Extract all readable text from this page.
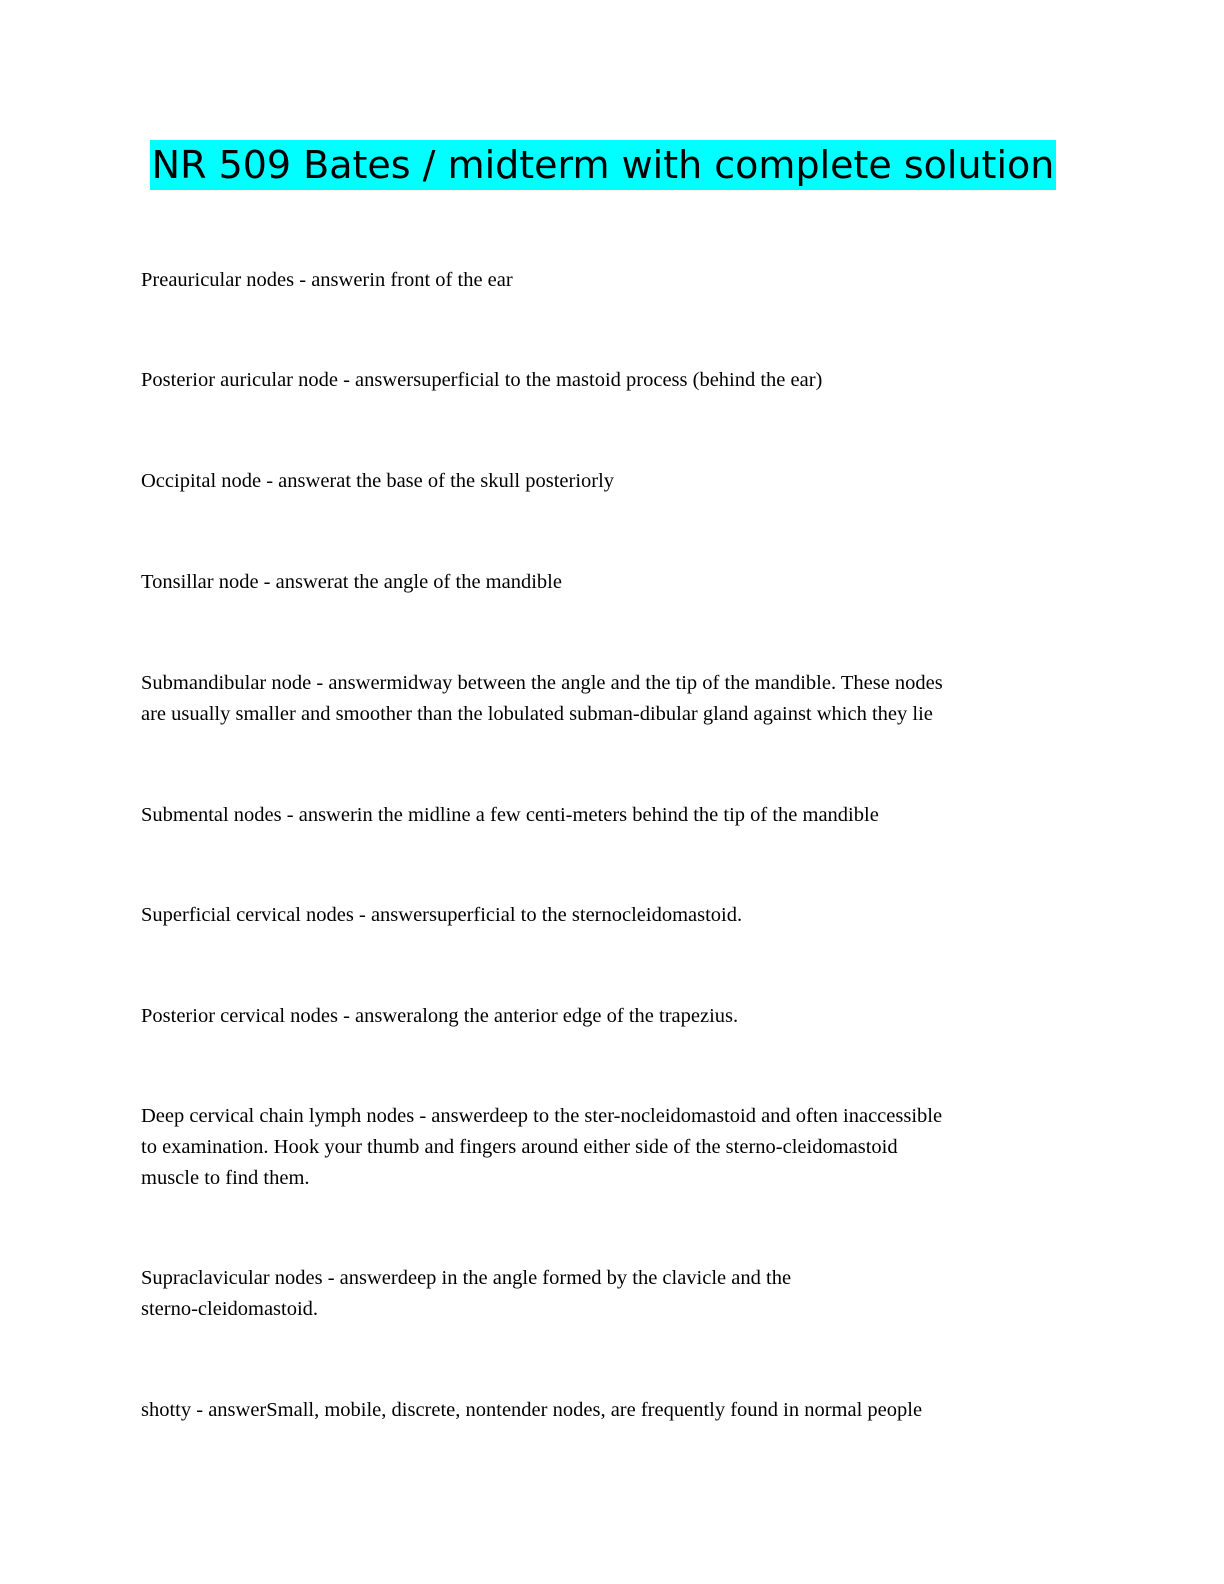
NR 509 Bates / midterm with complete solution
Preauricular nodes - answerin front of the ear
Posterior auricular node - answersuperficial to the mastoid process (behind the ear)
Occipital node - answerat the base of the skull posteriorly
Tonsillar node - answerat the angle of the mandible
Submandibular node - answermidway between the angle and the tip of the mandible. These nodes
are usually smaller and smoother than the lobulated subman-dibular gland against which they lie
Submental nodes - answerin the midline a few centi-meters behind the tip of the mandible
Superficial cervical nodes - answersuperficial to the sternocleidomastoid.
Posterior cervical nodes - answeralong the anterior edge of the trapezius.
Deep cervical chain lymph nodes - answerdeep to the ster-nocleidomastoid and often inaccessible
to examination. Hook your thumb and fingers around either side of the sterno-cleidomastoid
muscle to find them.
Supraclavicular nodes - answerdeep in the angle formed by the clavicle and the
sterno-cleidomastoid.
shotty - answerSmall, mobile, discrete, nontender nodes, are frequently found in normal people
